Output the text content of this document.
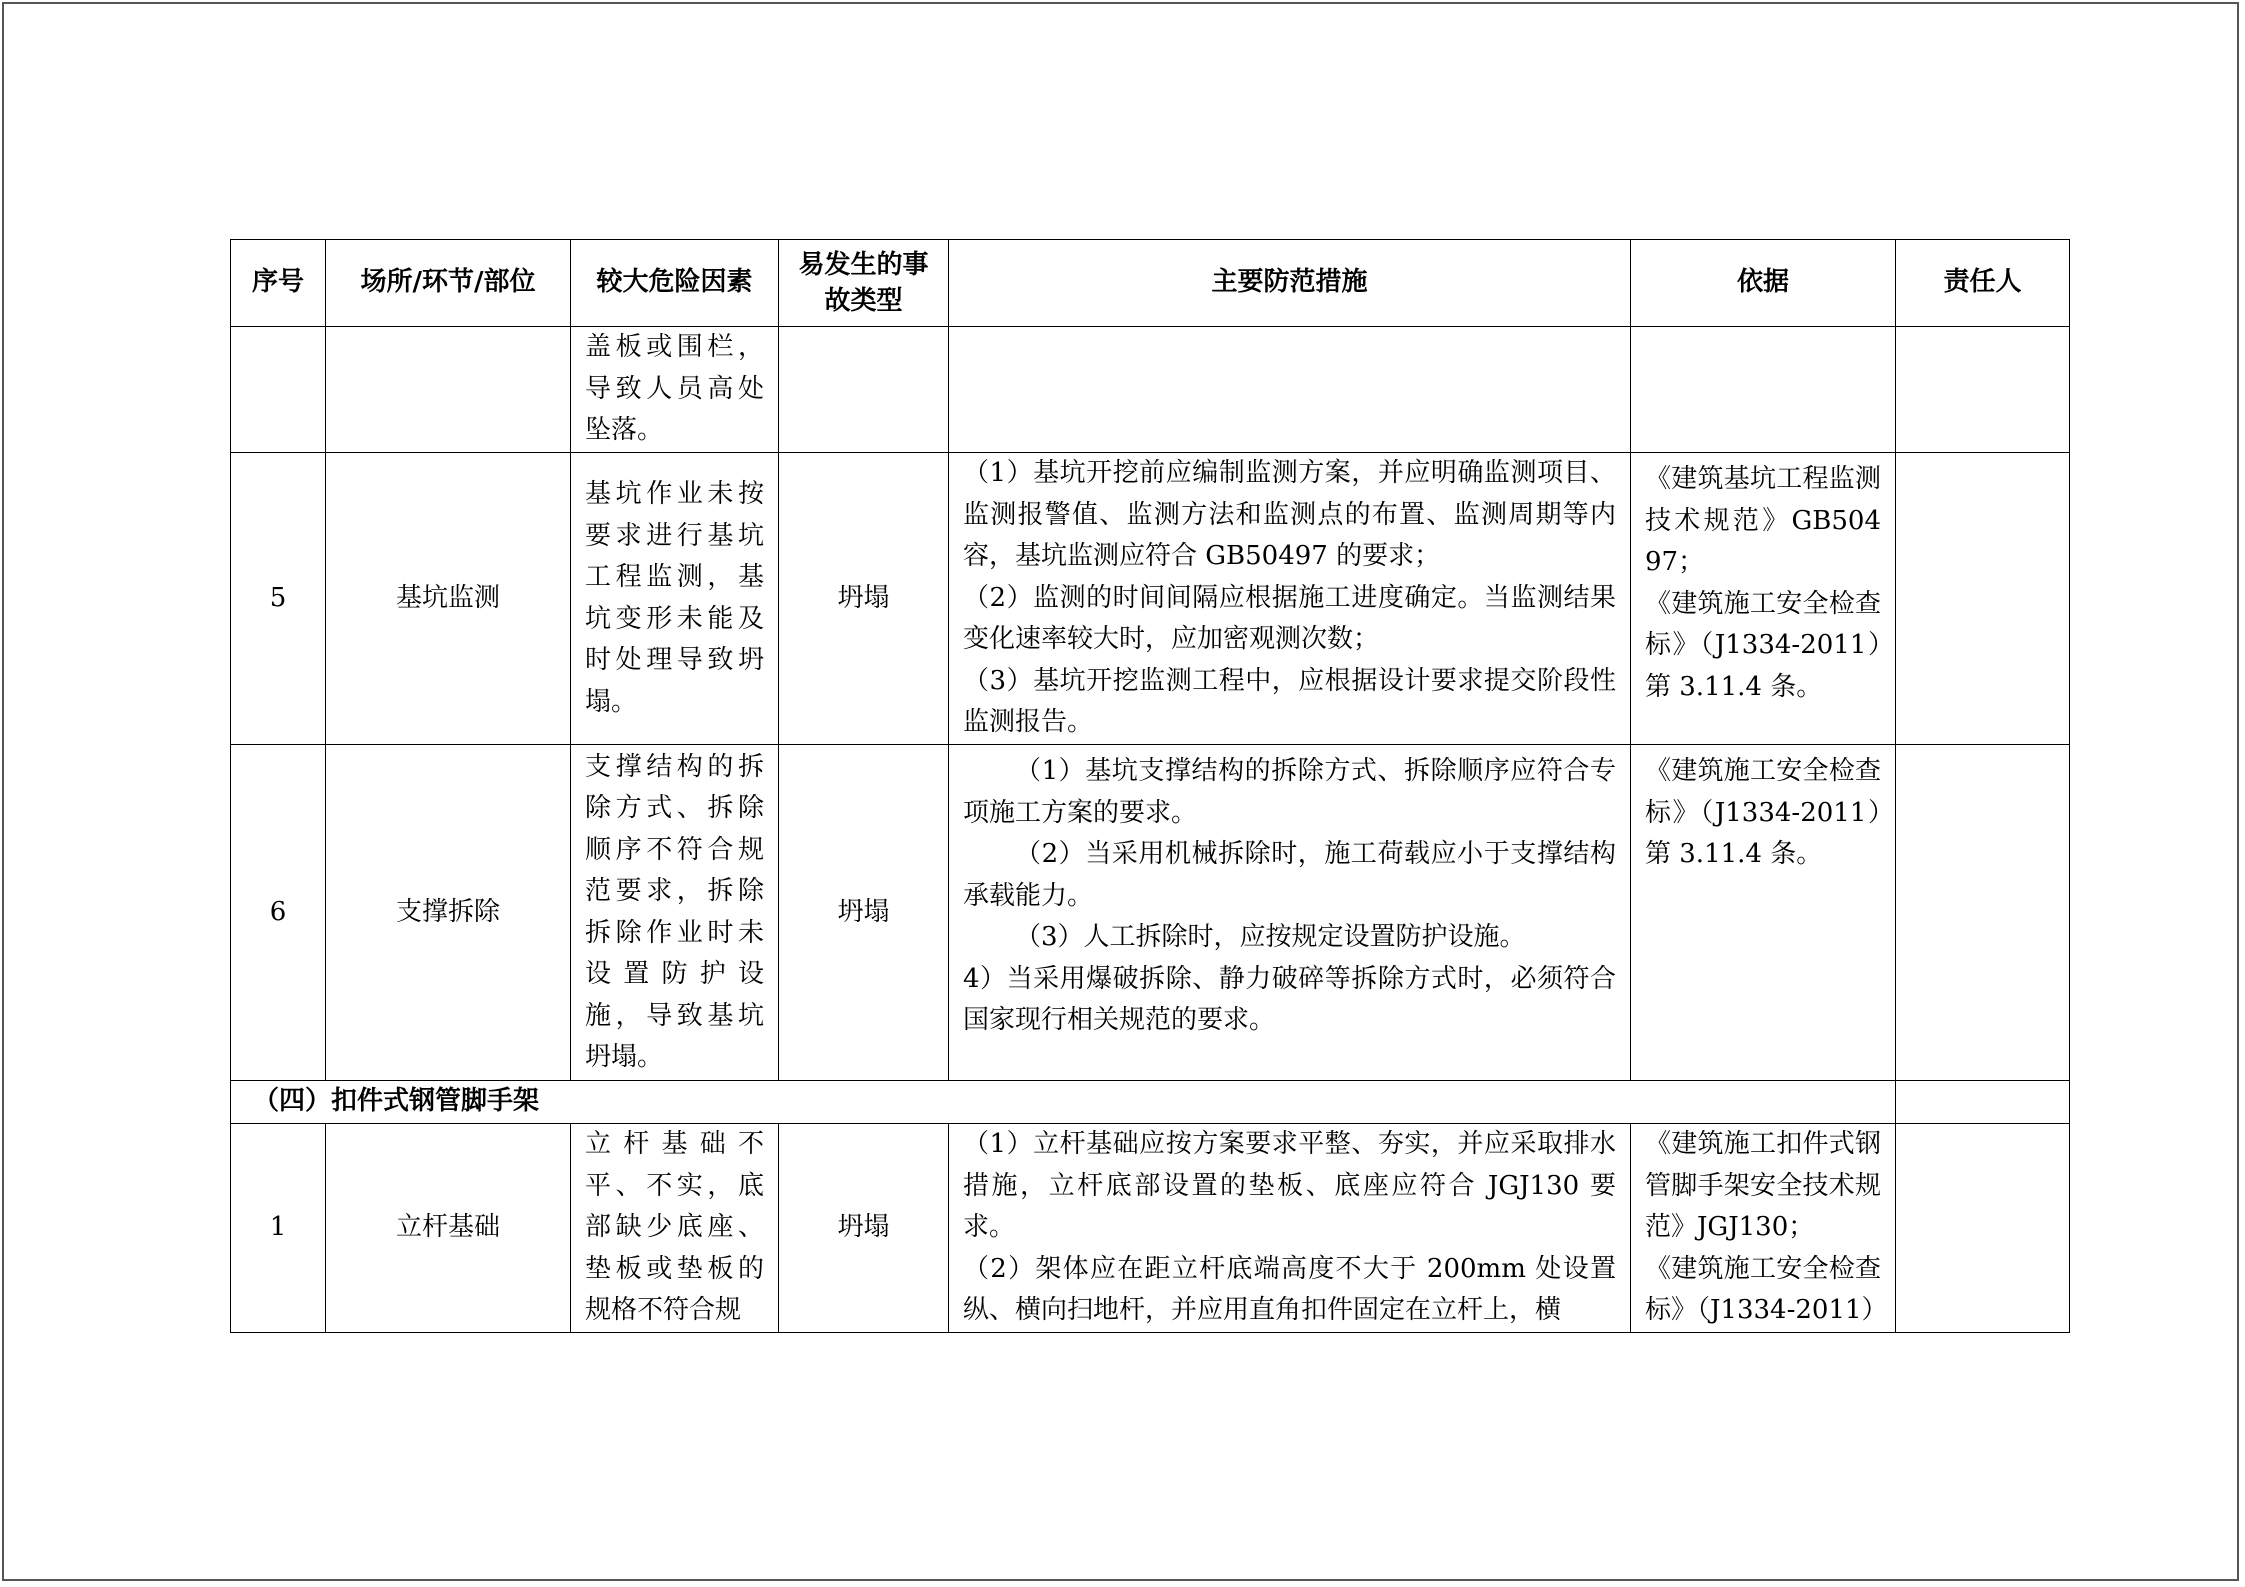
序号	场所/环节/部位	较大危险因素	易发生的事故类型	主要防范措施	依据	责任人
		盖板或围栏，导致人员高处坠落。				
5	基坑监测	基坑作业未按要求进行基坑工程监测，基坑变形未能及时处理导致坍塌。	坍塌	（1）基坑开挖前应编制监测方案，并应明确监测项目、监测报警值、监测方法和监测点的布置、监测周期等内容，基坑监测应符合 GB50497 的要求；
（2）监测的时间间隔应根据施工进度确定。当监测结果变化速率较大时，应加密观测次数；
（3）基坑开挖监测工程中，应根据设计要求提交阶段性监测报告。	《建筑基坑工程监测技术规范》GB50497；
《建筑施工安全检查标》（J1334-2011）第 3.11.4 条。	

6	支撑拆除	支撑结构的拆除方式、拆除顺序不符合规范要求，拆除拆除作业时未设置防护设施，导致基坑坍塌。	坍塌	（1）基坑支撑结构的拆除方式、拆除顺序应符合专项施工方案的要求。
（2）当采用机械拆除时，施工荷载应小于支撑结构承载能力。
（3）人工拆除时，应按规定设置防护设施。
4）当采用爆破拆除、静力破碎等拆除方式时，必须符合国家现行相关规范的要求。	《建筑施工安全检查标》（J1334-2011）第 3.11.4 条。	

（四）扣件式钢管脚手架						
1	立杆基础	立杆基础不平、不实，底部缺少底座、垫板或垫板的规格不符合规	坍塌	（1）立杆基础应按方案要求平整、夯实，并应采取排水措施，立杆底部设置的垫板、底座应符合 JGJ130 要求。
（2）架体应在距立杆底端高度不大于 200mm 处设置纵、横向扫地杆，并应用直角扣件固定在立杆上，横	《建筑施工扣件式钢管脚手架安全技术规范》JGJ130；
《建筑施工安全检查标》（J1334-2011）	
